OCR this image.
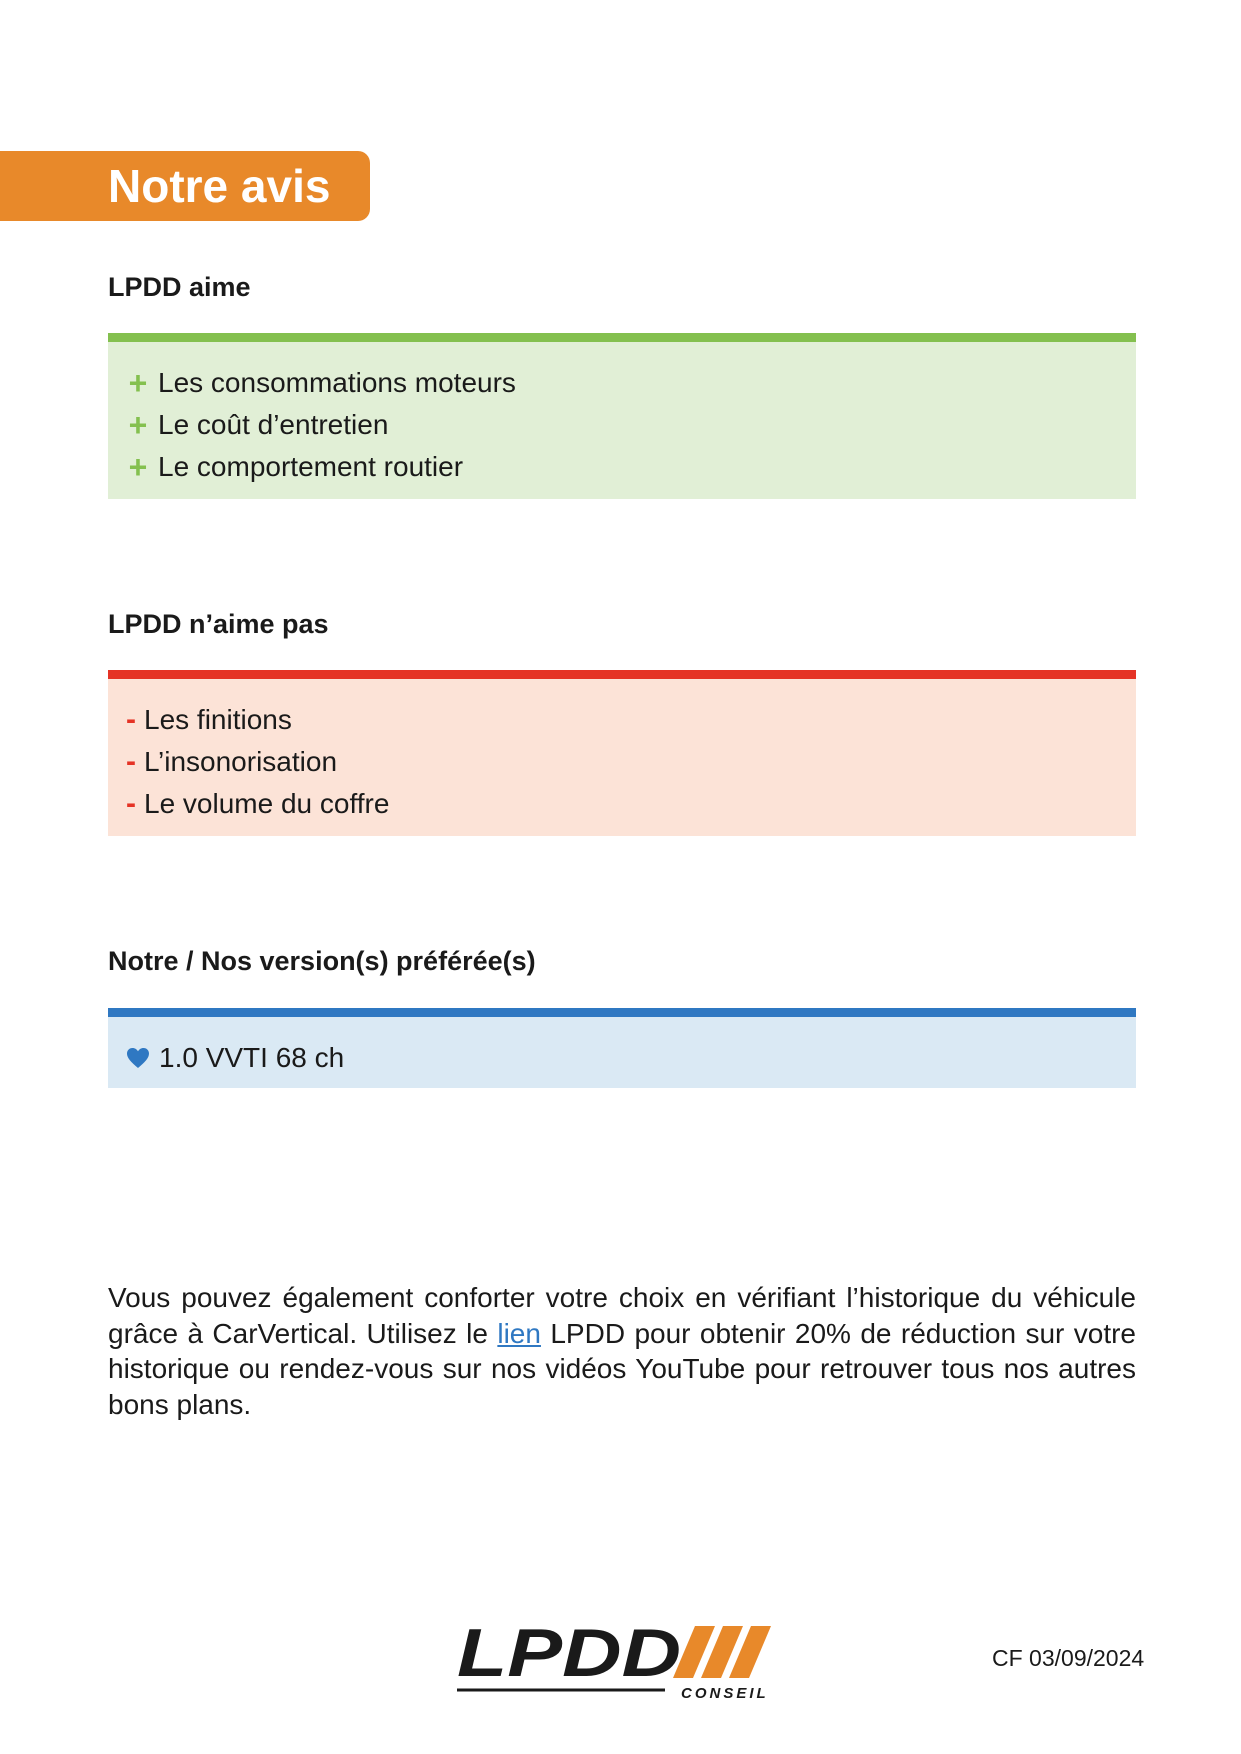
Notre avis
LPDD aime
+ Les consommations moteurs
+ Le coût d’entretien
+ Le comportement routier
LPDD n’aime pas
- Les finitions
- L’insonorisation
- Le volume du coffre
Notre / Nos version(s) préférée(s)
1.0 VVTI 68 ch
Vous pouvez également conforter votre choix en vérifiant l’historique du véhicule grâce à CarVertical. Utilisez le lien LPDD pour obtenir 20% de réduction sur votre historique ou rendez-vous sur nos vidéos YouTube pour retrouver tous nos autres bons plans.
LPDD
CONSEIL
CF 03/09/2024
